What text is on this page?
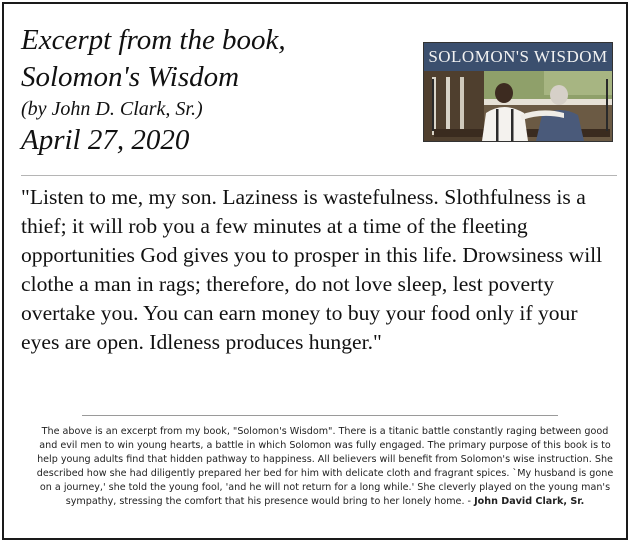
Excerpt from the book,
Solomon's Wisdom
(by John D. Clark, Sr.)
April 27, 2020
SOLOMON'S WISDOM
"Listen to me, my son. Laziness is wastefulness. Slothfulness is a thief; it will rob you a few minutes at a time of the fleeting opportunities God gives you to prosper in this life. Drowsiness will clothe a man in rags; therefore, do not love sleep, lest poverty overtake you. You can earn money to buy your food only if your eyes are open. Idleness produces hunger."
The above is an excerpt from my book, "Solomon's Wisdom". There is a titanic battle constantly raging between good and evil men to win young hearts, a battle in which Solomon was fully engaged. The primary purpose of this book is to help young adults find that hidden pathway to happiness. All believers will benefit from Solomon's wise instruction. She described how she had diligently prepared her bed for him with delicate cloth and fragrant spices. `My husband is gone on a journey,' she told the young fool, 'and he will not return for a long while.' She cleverly played on the young man's sympathy, stressing the comfort that his presence would bring to her lonely home. - John David Clark, Sr.
